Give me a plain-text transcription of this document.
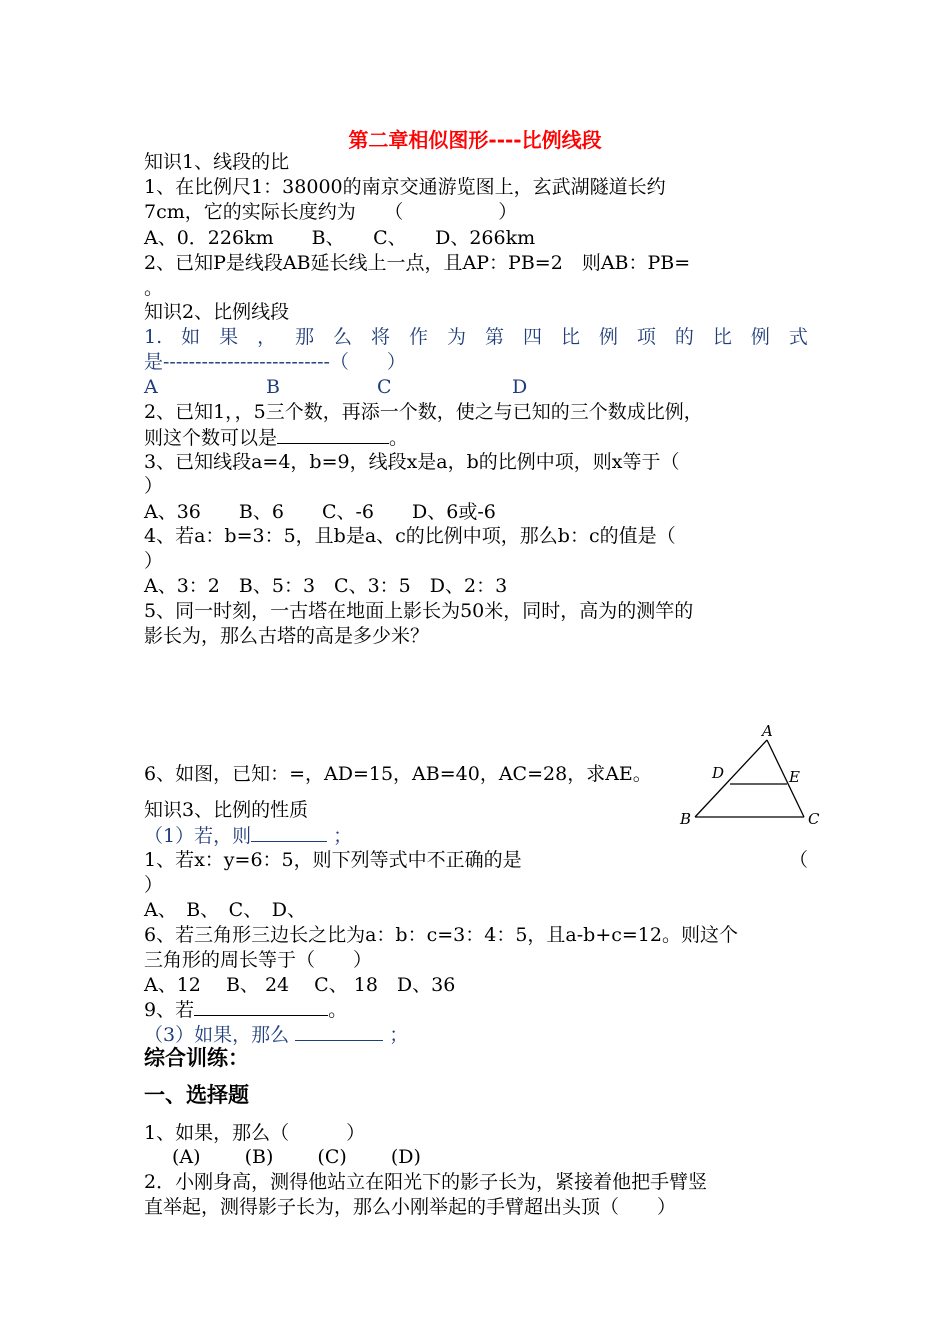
第二章相似图形----比例线段
知识1、线段的比
1、在比例尺1：38000的南京交通游览图上，玄武湖隧道长约
7cm，它的实际长度约为　　（　　　　　）
A、0．226km　　B、　　C、　　D、266km
2、已知P是线段AB延长线上一点，且AP：PB=2　则AB：PB=
。
知识2、比例线段
1. 如 果 ， 那 么 将 作 为 第 四 比 例 项 的 比 例 式
是--------------------------（　　）
A	B	C	D
2、已知1，，5三个数，再添一个数，使之与已知的三个数成比例，
则这个数可以是	。
3、已知线段a=4，b=9，线段x是a，b的比例中项，则x等于（
）
A、36　　B、6　　C、-6　　D、6或-6
4、若a：b=3：5，且b是a、c的比例中项，那么b：c的值是（
）
A、3：2　B、5：3　C、3：5　D、2：3
5、同一时刻，一古塔在地面上影长为50米，同时，高为的测竿的
影长为，那么古塔的高是多少米？
6、如图，已知：=，AD=15，AB=40，AC=28，求AE。
A
D	E
B	C
知识3、比例的性质
（1）若，则	；
1、若x：y=6：5，则下列等式中不正确的是	（
）
A、　B、　C、　D、
6、若三角形三边长之比为a：b：c=3：4：5，且a-b+c=12。则这个
三角形的周长等于（　　）
A、12　 B、 24　 C、 18　D、36
9、若	。
（3）如果，那么	；
综合训练：
一、选择题
1、如果，那么（　　　）
(A)　　 (B)　　 (C)　　 (D)
2．小刚身高，测得他站立在阳光下的影子长为，紧接着他把手臂竖
直举起，测得影子长为，那么小刚举起的手臂超出头顶（　　）
